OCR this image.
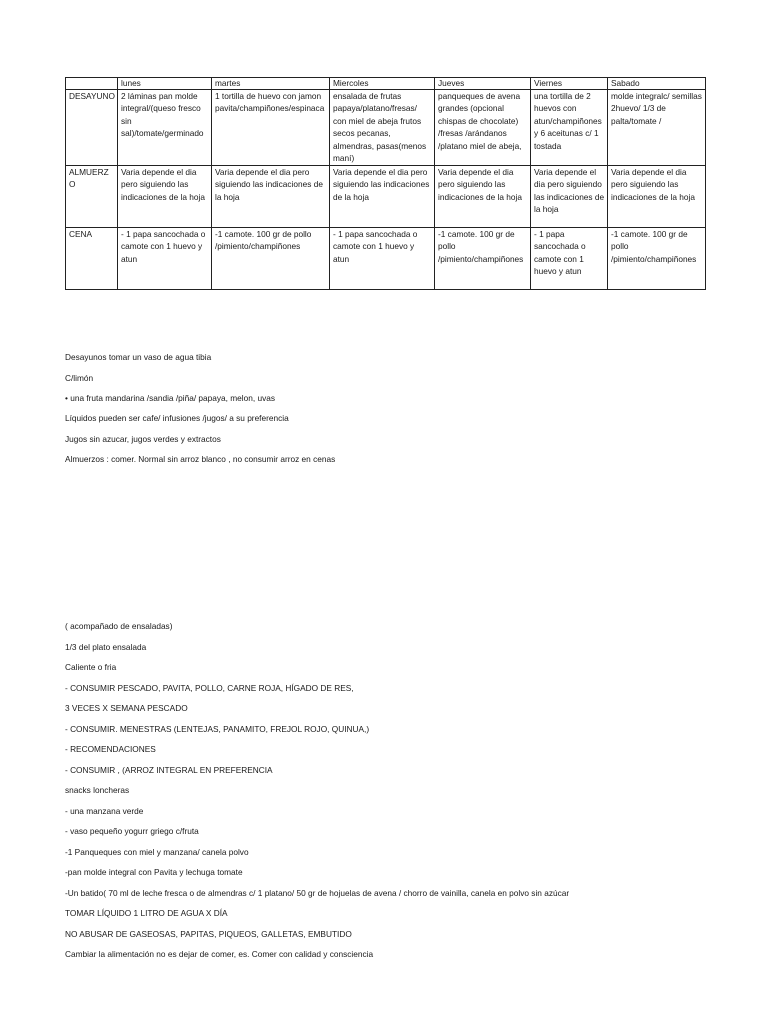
	lunes	martes	Miercoles	Jueves	Viernes	Sabado
DESAYUNO	2 láminas pan molde integral/(queso fresco sin sal)/tomate/germinado	1 tortilla de huevo con jamon pavita/champiñones/espinaca	ensalada de frutas papaya/platano/fresas/ con miel de abeja frutos secos pecanas, almendras, pasas(menos maní)	panqueques de avena grandes (opcional chispas de chocolate) /fresas /arándanos /platano miel de abeja,	una tortilla de 2 huevos con atun/champiñones y 6 aceitunas c/ 1 tostada	molde integralc/ semillas 2huevo/ 1/3 de palta/tomate /
ALMUERZO	Varia depende el dia pero siguiendo las indicaciones de la hoja	Varia depende el dia pero siguiendo las indicaciones de la hoja	Varia depende el dia pero siguiendo las indicaciones de la hoja	Varia depende el dia pero siguiendo las indicaciones de la hoja	Varia depende el dia pero siguiendo las indicaciones de la hoja	Varia depende el dia pero siguiendo las indicaciones de la hoja
CENA	- 1 papa sancochada o camote con 1 huevo y atun	-1 camote. 100 gr de pollo /pimiento/champiñones	- 1 papa sancochada o camote con 1 huevo y atun	-1 camote. 100 gr de pollo /pimiento/champiñones	- 1 papa sancochada o camote con 1 huevo y atun	-1 camote. 100 gr de pollo /pimiento/champiñones
Desayunos tomar un vaso de agua tibia
C/limón
• una fruta mandarina /sandia /piña/ papaya, melon, uvas
Líquidos pueden ser cafe/ infusiones /jugos/ a su preferencia
Jugos sin azucar, jugos verdes y extractos
Almuerzos : comer. Normal sin arroz blanco , no consumir arroz en cenas
( acompañado de ensaladas)
1/3 del plato ensalada
Caliente o fria
- CONSUMIR PESCADO, PAVITA, POLLO, CARNE ROJA, HÍGADO DE RES,
3 VECES X SEMANA PESCADO
- CONSUMIR. MENESTRAS (LENTEJAS, PANAMITO, FREJOL ROJO, QUINUA,)
- RECOMENDACIONES
- CONSUMIR , (ARROZ INTEGRAL EN PREFERENCIA
snacks loncheras
- una manzana verde
- vaso pequeño yogurr griego c/fruta
-1 Panqueques con miel y manzana/ canela polvo
-pan molde integral con Pavita y lechuga tomate
-Un batido( 70 ml de leche fresca o de almendras c/ 1 platano/ 50 gr de hojuelas de avena / chorro de vainilla, canela en polvo sin azúcar
TOMAR LÍQUIDO 1 LITRO DE AGUA X DÍA
NO ABUSAR DE GASEOSAS, PAPITAS, PIQUEOS, GALLETAS, EMBUTIDO
Cambiar la alimentación no es dejar de comer, es. Comer con calidad y consciencia
